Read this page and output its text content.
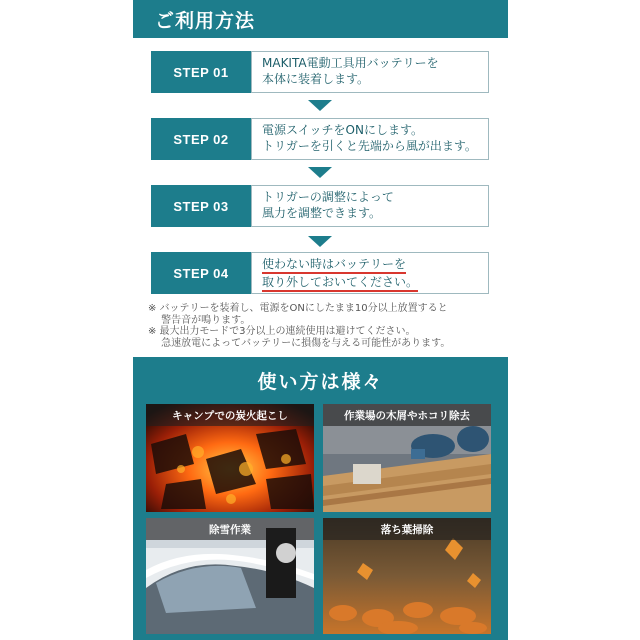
ご利用方法
STEP 01
MAKITA電動工具用バッテリーを
本体に装着します。
STEP 02
電源スイッチをONにします。
トリガーを引くと先端から風が出ます。
STEP 03
トリガーの調整によって
風力を調整できます。
STEP 04
使わない時はバッテリーを
取り外しておいてください。
※ バッテリーを装着し、電源をONにしたまま10分以上放置すると
　 警告音が鳴ります。
※ 最大出力モードで3分以上の連続使用は避けてください。
　 急速放電によってバッテリーに損傷を与える可能性があります。
使い方は様々
キャンプでの炭火起こし	作業場の木屑やホコリ除去
除雪作業	落ち葉掃除
